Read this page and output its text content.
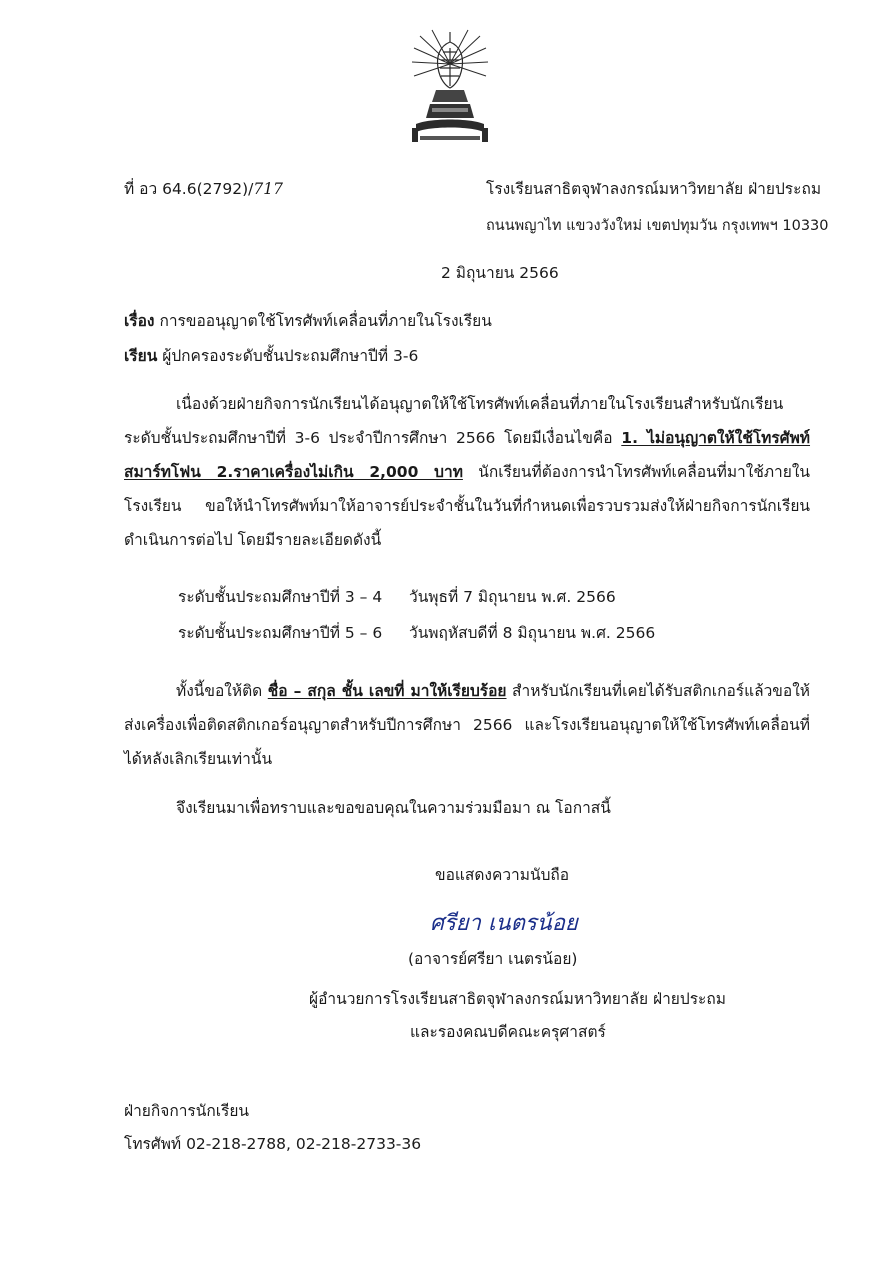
ที่ อว 64.6(2792)/717	โรงเรียนสาธิตจุฬาลงกรณ์มหาวิทยาลัย ฝ่ายประถม
ถนนพญาไท แขวงวังใหม่ เขตปทุมวัน กรุงเทพฯ 10330
2 มิถุนายน 2566
เรื่อง การขออนุญาตใช้โทรศัพท์เคลื่อนที่ภายในโรงเรียน
เรียน ผู้ปกครองระดับชั้นประถมศึกษาปีที่ 3-6
เนื่องด้วยฝ่ายกิจการนักเรียนได้อนุญาตให้ใช้โทรศัพท์เคลื่อนที่ภายในโรงเรียนสำหรับนักเรียนระดับชั้นประถมศึกษาปีที่ 3-6 ประจำปีการศึกษา 2566 โดยมีเงื่อนไขคือ 1. ไม่อนุญาตให้ใช้โทรศัพท์สมาร์ทโฟน 2.ราคาเครื่องไม่เกิน 2,000 บาท นักเรียนที่ต้องการนำโทรศัพท์เคลื่อนที่มาใช้ภายในโรงเรียน ขอให้นำโทรศัพท์มาให้อาจารย์ประจำชั้นในวันที่กำหนดเพื่อรวบรวมส่งให้ฝ่ายกิจการนักเรียนดำเนินการต่อไป โดยมีรายละเอียดดังนี้
ระดับชั้นประถมศึกษาปีที่ 3 – 4 วันพุธที่ 7 มิถุนายน พ.ศ. 2566
ระดับชั้นประถมศึกษาปีที่ 5 – 6 วันพฤหัสบดีที่ 8 มิถุนายน พ.ศ. 2566
ทั้งนี้ขอให้ติด ชื่อ – สกุล ชั้น เลขที่ มาให้เรียบร้อย สำหรับนักเรียนที่เคยได้รับสติกเกอร์แล้วขอให้ส่งเครื่องเพื่อติดสติกเกอร์อนุญาตสำหรับปีการศึกษา 2566 และโรงเรียนอนุญาตให้ใช้โทรศัพท์เคลื่อนที่ได้หลังเลิกเรียนเท่านั้น
จึงเรียนมาเพื่อทราบและขอขอบคุณในความร่วมมือมา ณ โอกาสนี้
ขอแสดงความนับถือ
ศรียา เนตรน้อย
(อาจารย์ศรียา เนตรน้อย)
ผู้อำนวยการโรงเรียนสาธิตจุฬาลงกรณ์มหาวิทยาลัย ฝ่ายประถม
และรองคณบดีคณะครุศาสตร์
ฝ่ายกิจการนักเรียน
โทรศัพท์ 02-218-2788, 02-218-2733-36
